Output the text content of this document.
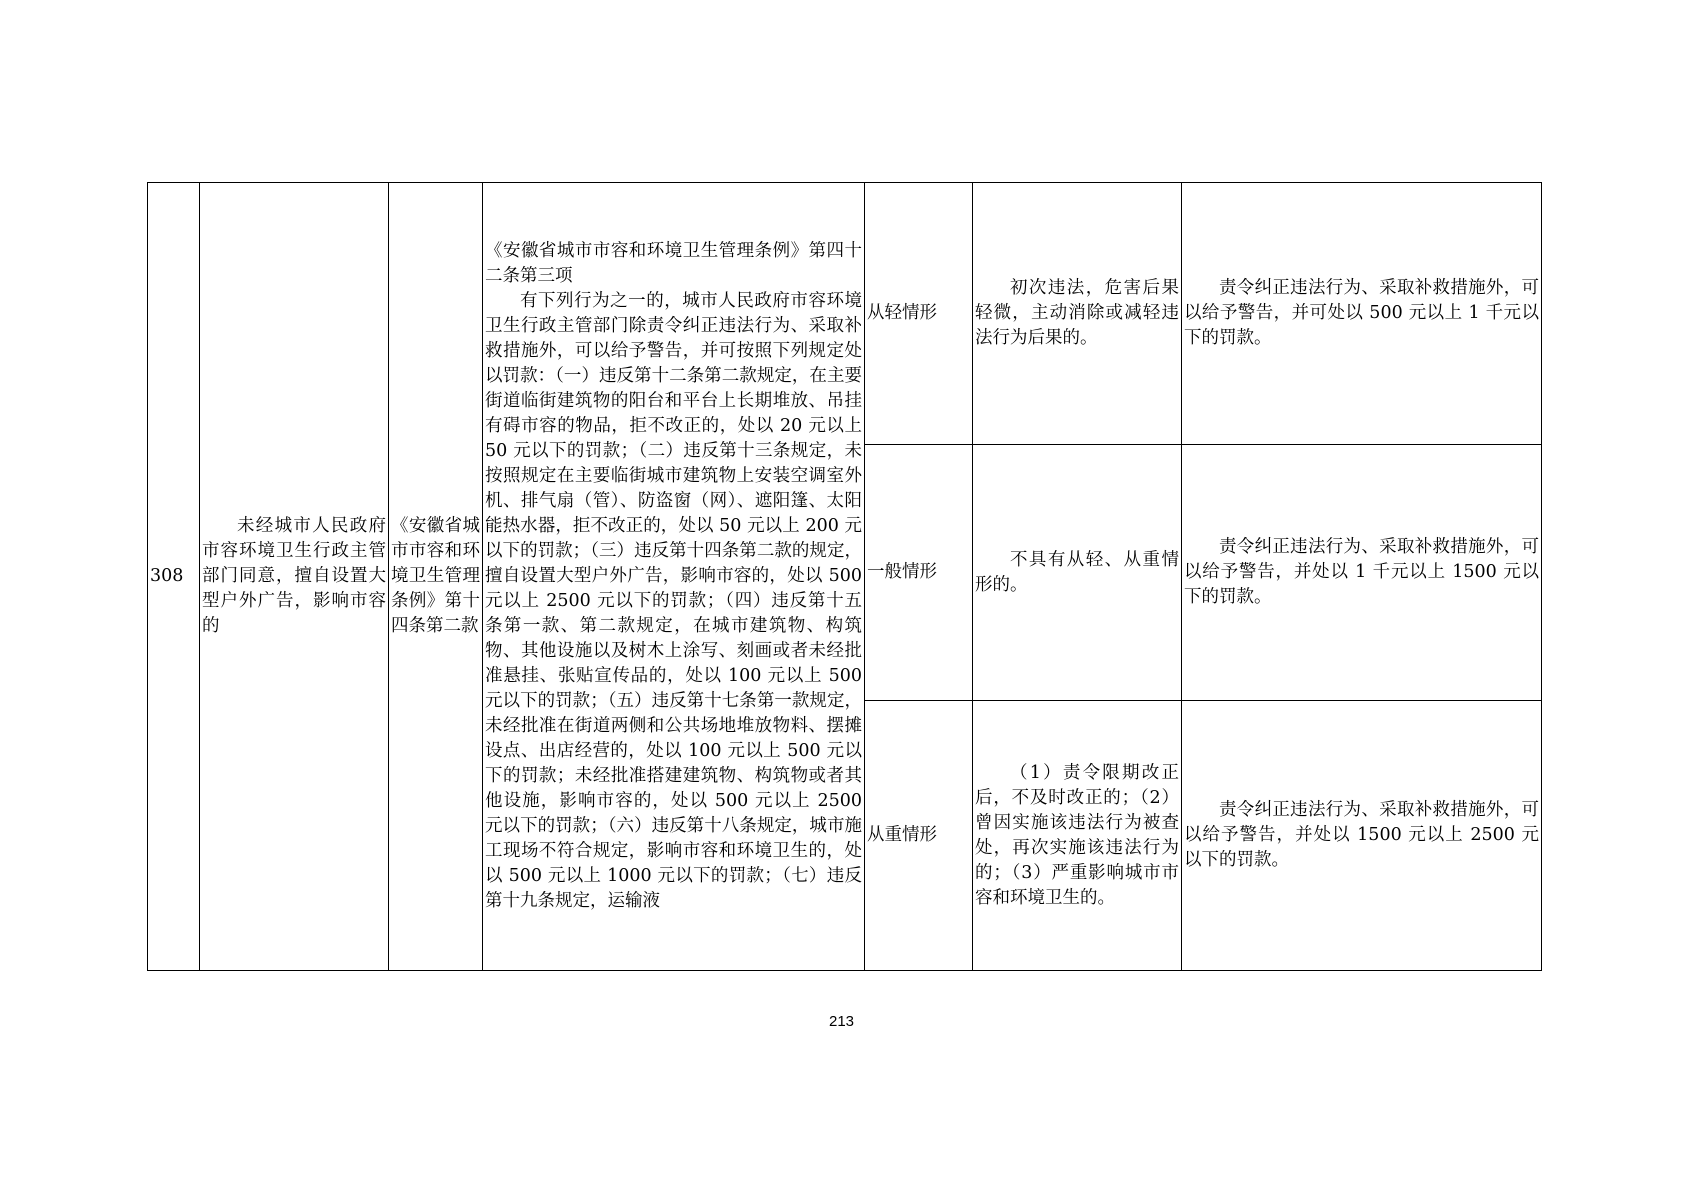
308	未经城市人民政府市容环境卫生行政主管部门同意，擅自设置大型户外广告，影响市容的	《安徽省城市市容和环境卫生管理条例》第十四条第二款	《安徽省城市市容和环境卫生管理条例》第四十二条第三项
有下列行为之一的，城市人民政府市容环境卫生行政主管部门除责令纠正违法行为、采取补救措施外，可以给予警告，并可按照下列规定处以罚款：（一）违反第十二条第二款规定，在主要街道临街建筑物的阳台和平台上长期堆放、吊挂有碍市容的物品，拒不改正的，处以 20 元以上 50 元以下的罚款；（二）违反第十三条规定，未按照规定在主要临街城市建筑物上安装空调室外机、排气扇（管）、防盗窗（网）、遮阳篷、太阳能热水器，拒不改正的，处以 50 元以上 200 元以下的罚款；（三）违反第十四条第二款的规定，擅自设置大型户外广告，影响市容的，处以 500 元以上 2500 元以下的罚款；（四）违反第十五条第一款、第二款规定，在城市建筑物、构筑物、其他设施以及树木上涂写、刻画或者未经批准悬挂、张贴宣传品的，处以 100 元以上 500 元以下的罚款；（五）违反第十七条第一款规定，未经批准在街道两侧和公共场地堆放物料、摆摊设点、出店经营的，处以 100 元以上 500 元以下的罚款；未经批准搭建建筑物、构筑物或者其他设施，影响市容的，处以 500 元以上 2500 元以下的罚款；（六）违反第十八条规定，城市施工现场不符合规定，影响市容和环境卫生的，处以 500 元以上 1000 元以下的罚款；（七）违反第十九条规定，运输液	从轻情形	初次违法，危害后果轻微，主动消除或减轻违法行为后果的。	责令纠正违法行为、采取补救措施外，可以给予警告，并可处以 500 元以上 1 千元以下的罚款。
				一般情形	不具有从轻、从重情形的。	责令纠正违法行为、采取补救措施外，可以给予警告，并处以 1 千元以上 1500 元以下的罚款。
				从重情形	（1）责令限期改正后，不及时改正的；（2）曾因实施该违法行为被查处，再次实施该违法行为的；（3）严重影响城市市容和环境卫生的。	责令纠正违法行为、采取补救措施外，可以给予警告，并处以 1500 元以上 2500 元以下的罚款。
213
